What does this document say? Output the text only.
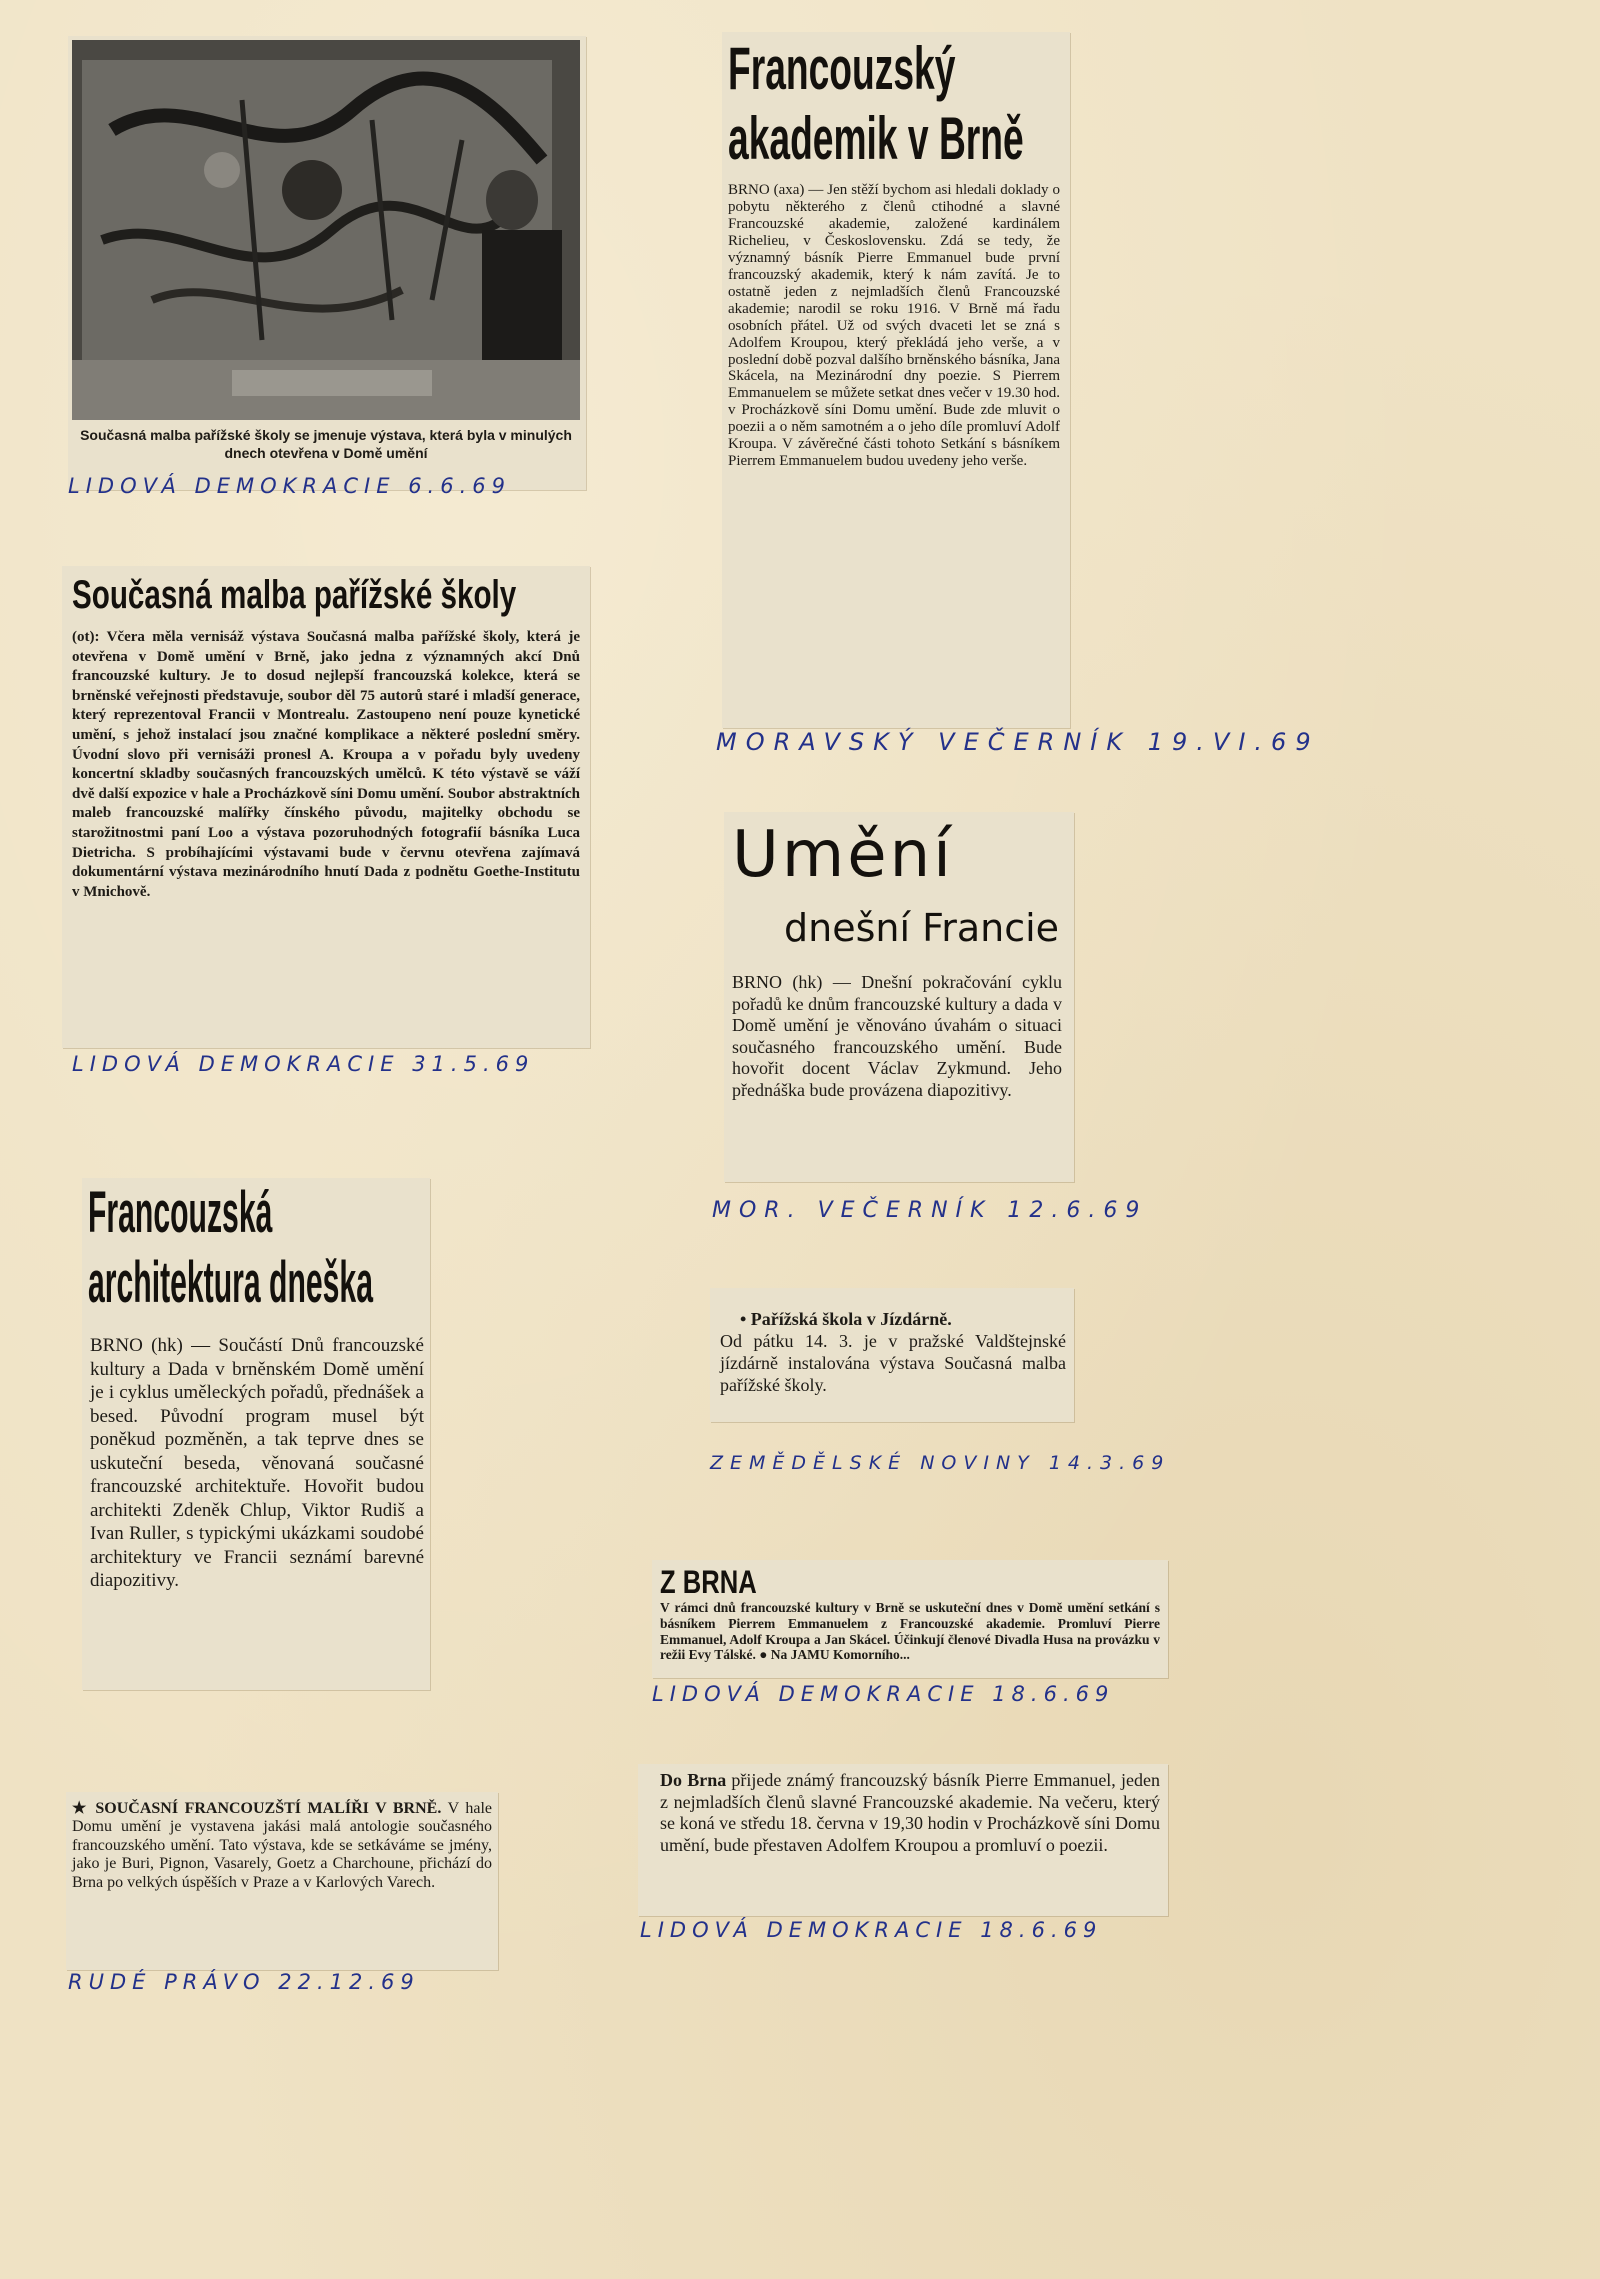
Současná malba pařížské školy se jmenuje výstava, která byla v minulých dnech otevřena v Domě umění

LIDOVÁ DEMOKRACIE 6.6.69
Současná malba pařížské školy

(ot): Včera měla vernisáž výstava Současná malba pařížské školy, která je otevřena v Domě umění v Brně, jako jedna z významných akcí Dnů francouzské kultury. Je to dosud nejlepší francouzská kolekce, která se brněnské veřejnosti představuje, soubor děl 75 autorů staré i mladší generace, který reprezentoval Francii v Montrealu. Zastoupeno není pouze kynetické umění, s jehož instalací jsou značné komplikace a některé poslední směry. Úvodní slovo při vernisáži pronesl A. Kroupa a v pořadu byly uvedeny koncertní skladby současných francouzských umělců. K této výstavě se váží dvě další expozice v hale a Procházkově síni Domu umění. Soubor abstraktních maleb francouzské malířky čínského původu, majitelky obchodu se starožitnostmi paní Loo a výstava pozoruhodných fotografií básníka Luca Dietricha. S probíhajícími výstavami bude v červnu otevřena zajímavá dokumentární výstava mezinárodního hnutí Dada z podnětu Goethe-Institutu v Mnichově.

LIDOVÁ DEMOKRACIE 31.5.69
Francouzský
akademik v Brně

BRNO (axa) — Jen stěží bychom asi hledali doklady o pobytu některého z členů ctihodné a slavné Francouzské akademie, založené kardinálem Richelieu, v Československu. Zdá se tedy, že významný básník Pierre Emmanuel bude první francouzský akademik, který k nám zavítá. Je to ostatně jeden z nejmladších členů Francouzské akademie; narodil se roku 1916. V Brně má řadu osobních přátel. Už od svých dvaceti let se zná s Adolfem Kroupou, který překládá jeho verše, a v poslední době pozval dalšího brněnského básníka, Jana Skácela, na Mezinárodní dny poezie. S Pierrem Emmanuelem se můžete setkat dnes večer v 19.30 hod. v Procházkově síni Domu umění. Bude zde mluvit o poezii a o něm samotném a o jeho díle promluví Adolf Kroupa. V závěrečné části tohoto Setkání s básníkem Pierrem Emmanuelem budou uvedeny jeho verše.

MORAVSKÝ VEČERNÍK 19.VI.69
Umění
dnešní Francie

BRNO (hk) — Dnešní pokračování cyklu pořadů ke dnům francouzské kultury a dada v Domě umění je věnováno úvahám o situaci současného francouzského umění. Bude hovořit docent Václav Zykmund. Jeho přednáška bude provázena diapozitivy.

MOR. VEČERNÍK 12.6.69
Francouzská
architektura dneška

BRNO (hk) — Součástí Dnů francouzské kultury a Dada v brněnském Domě umění je i cyklus uměleckých pořadů, přednášek a besed. Původní program musel být poněkud pozměněn, a tak teprve dnes se uskuteční beseda, věnovaná současné francouzské architektuře. Hovořit budou architekti Zdeněk Chlup, Viktor Rudiš a Ivan Ruller, s typickými ukázkami soudobé architektury ve Francii seznámí barevné diapozitivy.

• Pařížská škola v Jízdárně.

Od pátku 14. 3. je v pražské Valdštejnské jízdárně instalována výstava Současná malba pařížské školy.

ZEMĚDĚLSKÉ NOVINY 14.3.69
Z BRNA

V rámci dnů francouzské kultury v Brně se uskuteční dnes v Domě umění setkání s básníkem Pierrem Emmanuelem z Francouzské akademie. Promluví Pierre Emmanuel, Adolf Kroupa a Jan Skácel. Účinkují členové Divadla Husa na provázku v režii Evy Tálské. ● Na JAMU Komorního...

LIDOVÁ DEMOKRACIE 18.6.69

Do Brna přijede známý francouzský básník Pierre Emmanuel, jeden z nejmladších členů slavné Francouzské akademie. Na večeru, který se koná ve středu 18. června v 19,30 hodin v Procházkově síni Domu umění, bude přestaven Adolfem Kroupou a promluví o poezii.

LIDOVÁ DEMOKRACIE 18.6.69

★ SOUČASNÍ FRANCOUZŠTÍ MALÍŘI V BRNĚ. V hale Domu umění je vystavena jakási malá antologie současného francouzského umění. Tato výstava, kde se setkáváme se jmény, jako je Buri, Pignon, Vasarely, Goetz a Charchoune, přichází do Brna po velkých úspěších v Praze a v Karlových Varech.

RUDÉ PRÁVO 22.12.69
